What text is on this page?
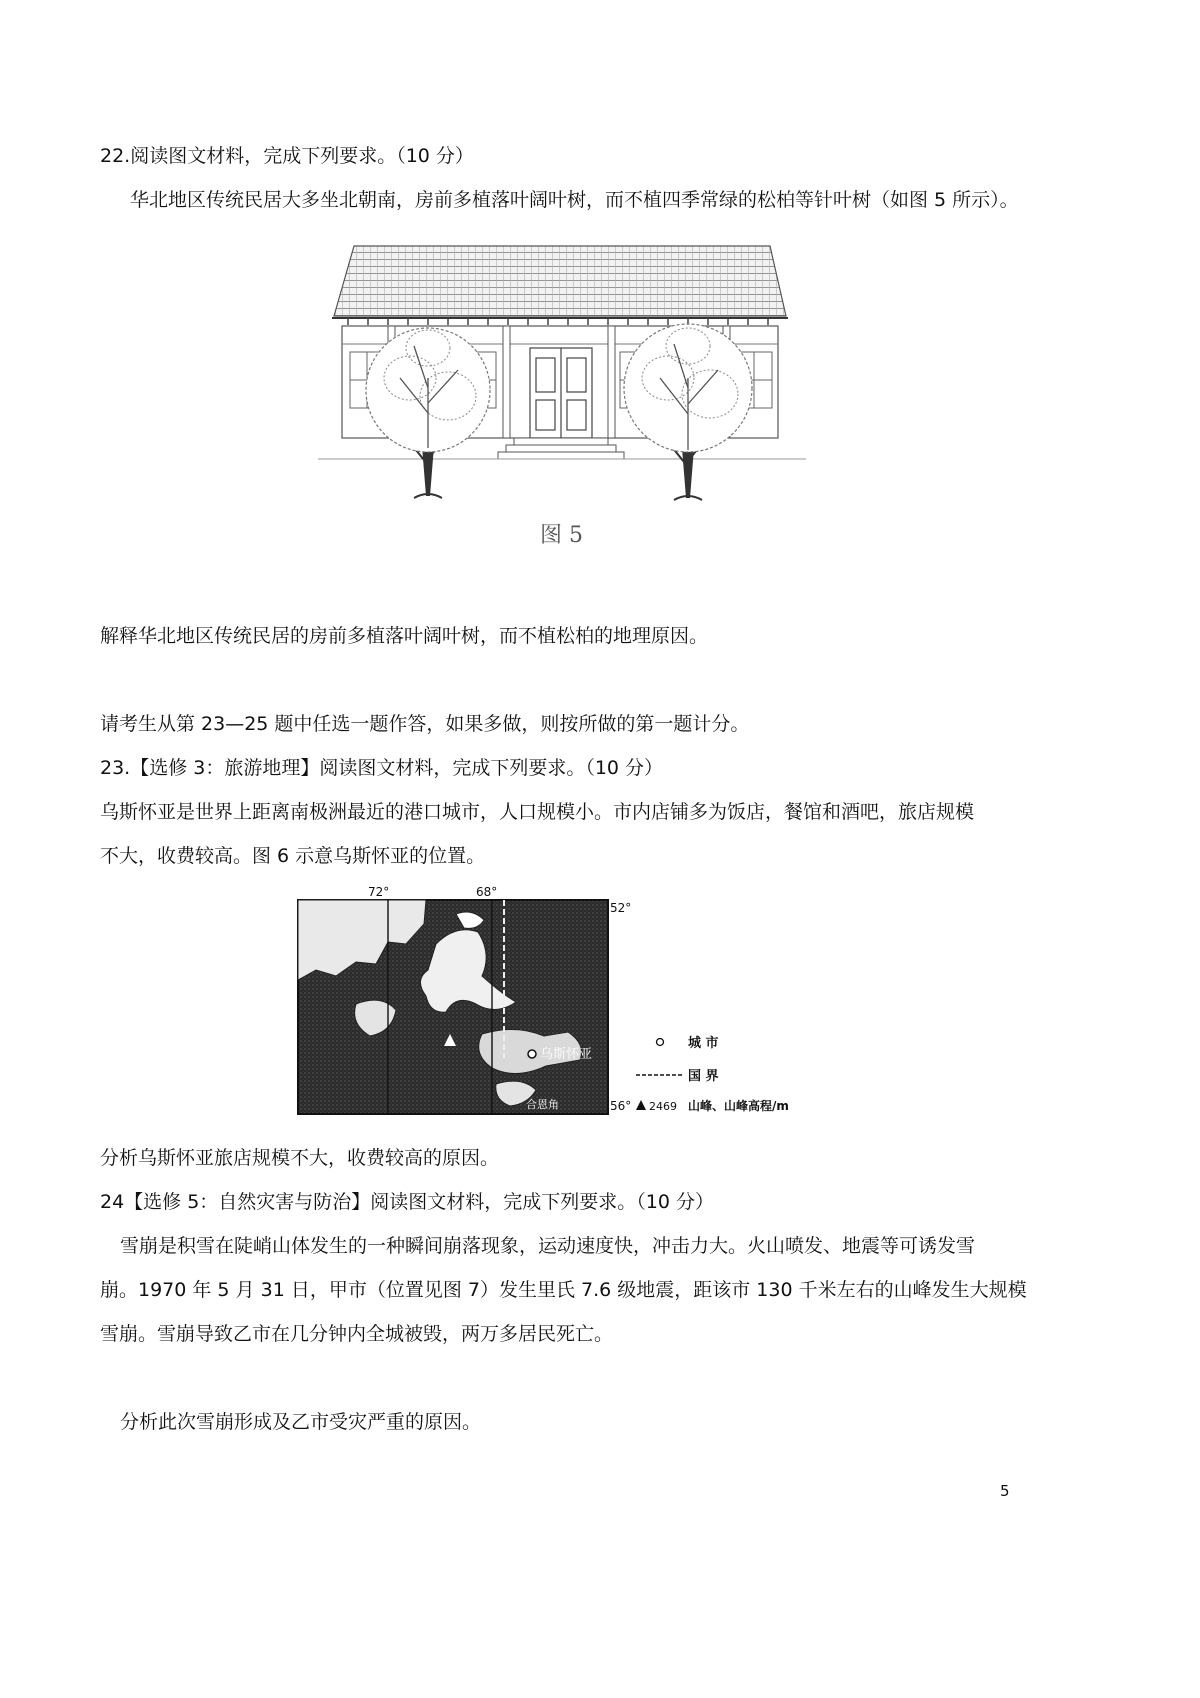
22.阅读图文材料，完成下列要求。（10 分）
华北地区传统民居大多坐北朝南，房前多植落叶阔叶树，而不植四季常绿的松柏等针叶树（如图 5 所示）。
图 5
解释华北地区传统民居的房前多植落叶阔叶树，而不植松柏的地理原因。
请考生从第 23—25 题中任选一题作答，如果多做，则按所做的第一题计分。
23.【选修 3：旅游地理】阅读图文材料，完成下列要求。（10 分）
乌斯怀亚是世界上距离南极洲最近的港口城市，人口规模小。市内店铺多为饭店，餐馆和酒吧，旅店规模
不大，收费较高。图 6 示意乌斯怀亚的位置。
72°	68°
52°
56°
乌斯怀亚
合恩角
城 市
国 界
2469 山峰、山峰高程/m
分析乌斯怀亚旅店规模不大，收费较高的原因。
24【选修 5：自然灾害与防治】阅读图文材料，完成下列要求。（10 分）
雪崩是积雪在陡峭山体发生的一种瞬间崩落现象，运动速度快，冲击力大。火山喷发、地震等可诱发雪
崩。1970 年 5 月 31 日，甲市（位置见图 7）发生里氏 7.6 级地震，距该市 130 千米左右的山峰发生大规模
雪崩。雪崩导致乙市在几分钟内全城被毁，两万多居民死亡。
分析此次雪崩形成及乙市受灾严重的原因。
5
